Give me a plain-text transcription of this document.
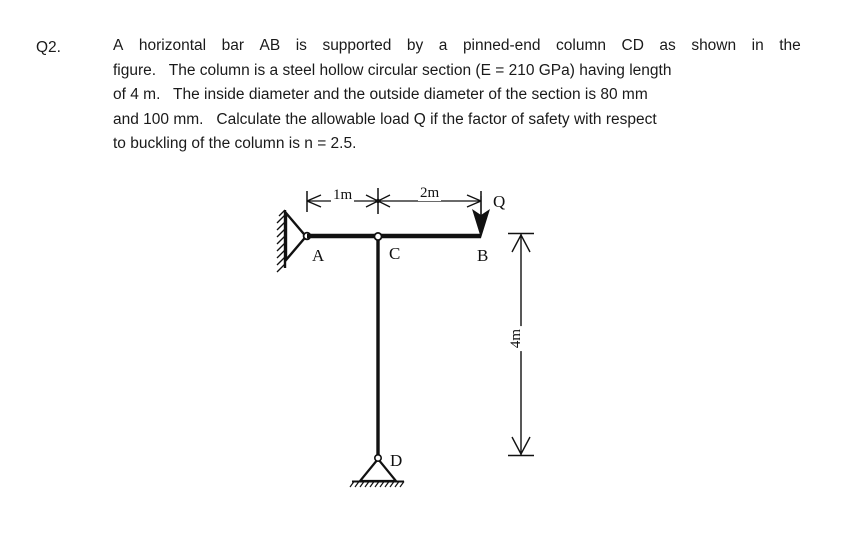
Q2.	A horizontal bar AB is supported by a pinned-end column CD as shown in the
figure. The column is a steel hollow circular section (E = 210 GPa) having length
of 4 m. The inside diameter and the outside diameter of the section is 80 mm
and 100 mm. Calculate the allowable load Q if the factor of safety with respect
to buckling of the column is n = 2.5.
A	C	B
D
Q
1m	2m
4m
